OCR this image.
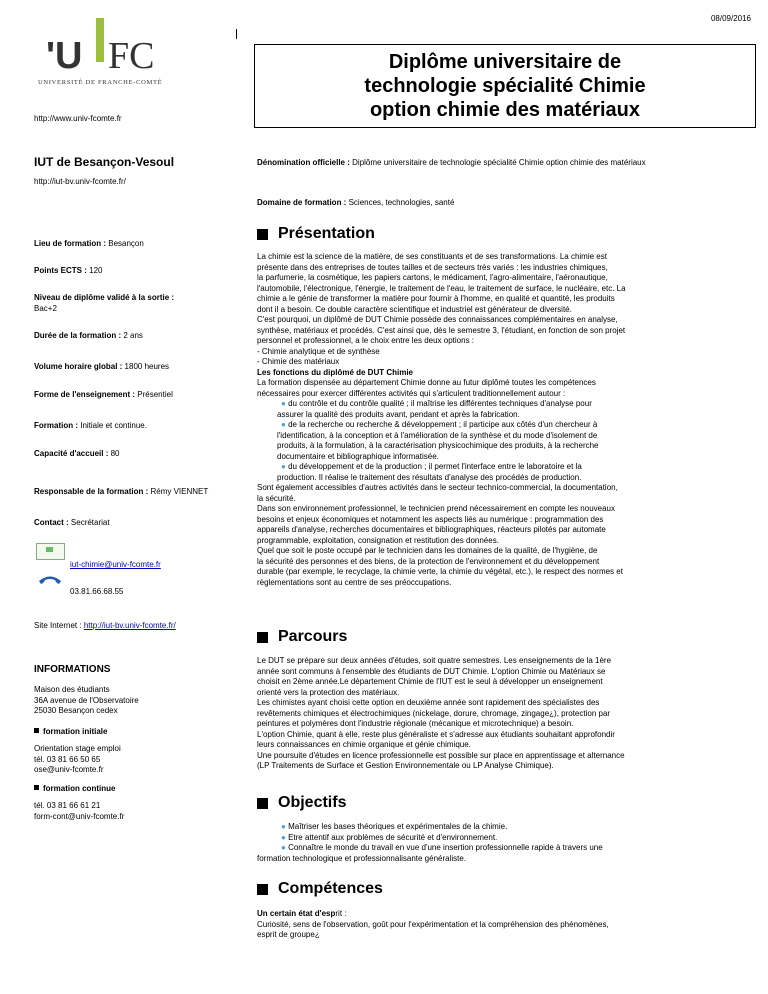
08/09/2016
'U FC
UNIVERSITÉ DE FRANCHE-COMTÉ
http://www.univ-fcomte.fr
Diplôme universitaire de technologie spécialité Chimie option chimie des matériaux
IUT de Besançon-Vesoul
http://iut-bv.univ-fcomte.fr/
Dénomination officielle : Diplôme universitaire de technologie spécialité Chimie option chimie des matériaux
Domaine de formation : Sciences, technologies, santé
Lieu de formation : Besançon
Points ECTS : 120
Niveau de diplôme validé à la sortie :
Bac+2
Durée de la formation : 2 ans
Volume horaire global : 1800 heures
Forme de l'enseignement : Présentiel
Formation : Initiale et continue.
Capacité d'accueil : 80
Responsable de la formation : Rémy VIENNET
Contact : Secrétariat
iut-chimie@univ-fcomte.fr
03.81.66.68.55
Site Internet : http://iut-bv.univ-fcomte.fr/
INFORMATIONS
Maison des étudiants
36A avenue de l'Observatoire
25030 Besançon cedex
formation initiale
Orientation stage emploi
tél. 03 81 66 50 65
ose@univ-fcomte.fr
formation continue
tél. 03 81 66 61 21
form-cont@univ-fcomte.fr
Présentation
La chimie est la science de la matière, de ses constituants et de ses transformations. La chimie est
présente dans des entreprises de toutes tailles et de secteurs très variés : les industries chimiques,
la parfumerie, la cosmétique, les papiers cartons, le médicament, l'agro-alimentaire, l'aéronautique,
l'automobile, l'électronique, l'énergie, le traitement de l'eau, le traitement de surface, le nucléaire, etc. La
chimie a le génie de transformer la matière pour fournir à l'homme, en qualité et quantité, les produits
dont il a besoin. Ce double caractère scientifique et industriel est générateur de diversité.
C'est pourquoi, un diplômé de DUT Chimie possède des connaissances complémentaires en analyse,
synthèse, matériaux et procédés. C'est ainsi que, dès le semestre 3, l'étudiant, en fonction de son projet
personnel et professionnel, a le choix entre les deux options :
- Chimie analytique et de synthèse
- Chimie des matériaux
Les fonctions du diplômé de DUT Chimie
La formation dispensée au département Chimie donne au futur diplômé toutes les compétences
nécessaires pour exercer différentes activités qui s'articulent traditionnellement autour :
● du contrôle et du contrôle qualité ; il maîtrise les différentes techniques d'analyse pour
assurer la qualité des produits avant, pendant et après la fabrication.
● de la recherche ou recherche & développement ; il participe aux côtés d'un chercheur à
l'identification, à la conception et à l'amélioration de la synthèse et du mode d'isolement de
produits, à la formulation, à la caractérisation physicochimique des produits, à la recherche
documentaire et bibliographique informatisée.
● du développement et de la production ; il permet l'interface entre le laboratoire et la
production. Il réalise le traitement des résultats d'analyse des procédés de production.
Sont également accessibles d'autres activités dans le secteur technico-commercial, la documentation,
la sécurité.
Dans son environnement professionnel, le technicien prend nécessairement en compte les nouveaux
besoins et enjeux économiques et notamment les aspects liés au numérique : programmation des
appareils d'analyse, recherches documentaires et bibliographiques, réacteurs pilotés par automate
programmable, exploitation, consignation et restitution des données.
Quel que soit le poste occupé par le technicien dans les domaines de la qualité, de l'hygiène, de
la sécurité des personnes et des biens, de la protection de l'environnement et du développement
durable (par exemple, le recyclage, la chimie verte, la chimie du végétal, etc.), le respect des normes et
règlementations sont au centre de ses préoccupations.
Parcours
Le DUT se prépare sur deux années d'études, soit quatre semestres. Les enseignements de la 1ère
année sont communs à l'ensemble des étudiants de DUT Chimie. L'option Chimie ou Matériaux se
choisit en 2ème année.Le département Chimie de l'IUT est le seul à développer un enseignement
orienté vers la protection des matériaux.
Les chimistes ayant choisi cette option en deuxième année sont rapidement des spécialistes des
revêtements chimiques et électrochimiques (nickelage, dorure, chromage, zingage¿), protection par
peintures et polymères dont l'industrie régionale (mécanique et microtechnique) a besoin.
L'option Chimie, quant à elle, reste plus généraliste et s'adresse aux étudiants souhaitant approfondir
leurs connaissances en chimie organique et génie chimique.
Une poursuite d'études en licence professionnelle est possible sur place en apprentissage et alternance
(LP Traitements de Surface et Gestion Environnementale ou LP Analyse Chimique).
Objectifs
● Maîtriser les bases théoriques et expérimentales de la chimie.
● Etre attentif aux problèmes de sécurité et d'environnement.
● Connaître le monde du travail en vue d'une insertion professionnelle rapide à travers une
formation technologique et professionnalisante généraliste.
Compétences
Un certain état d'esprit :
Curiosité, sens de l'observation, goût pour l'expérimentation et la compréhension des phénomènes,
esprit de groupe¿
